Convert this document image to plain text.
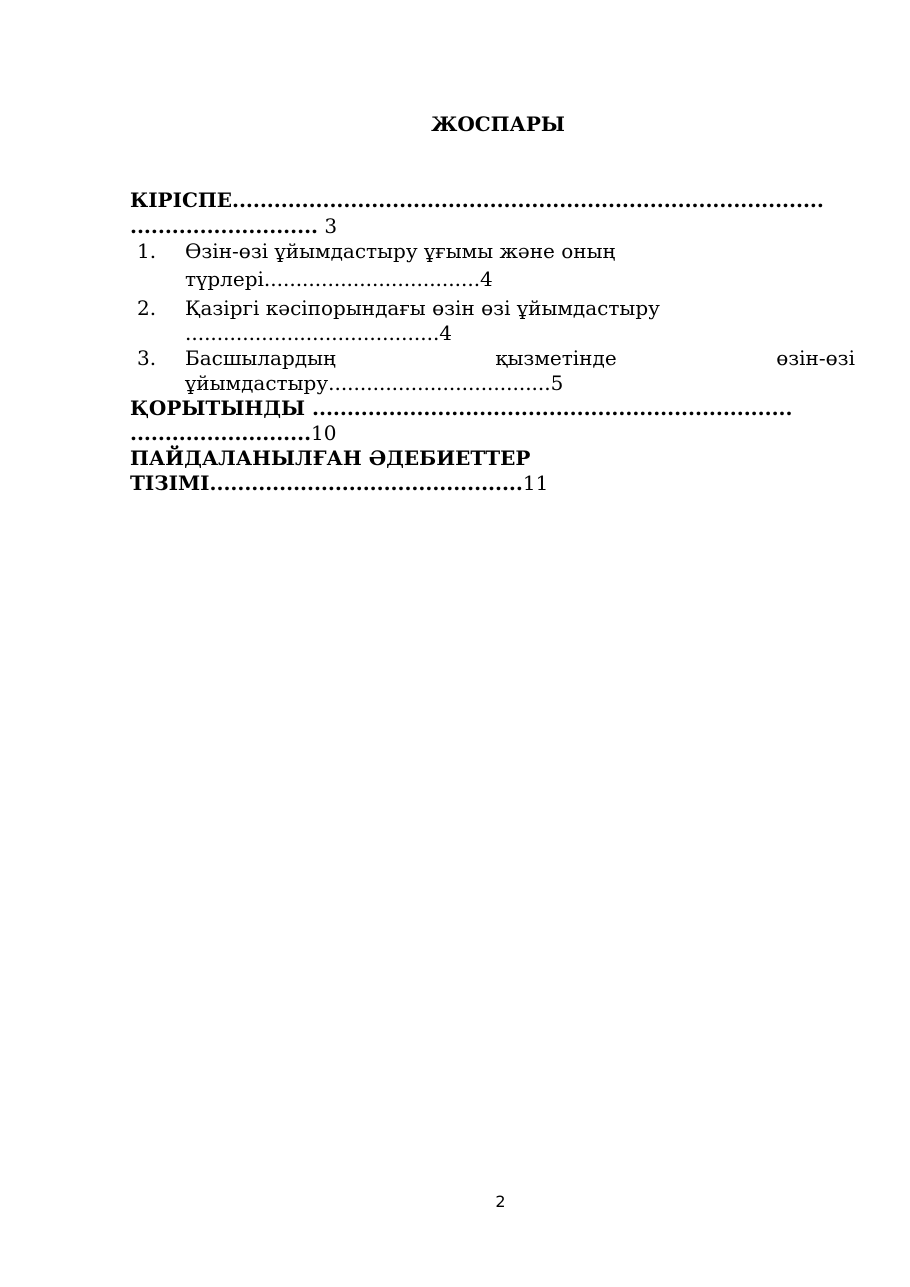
ЖОСПАРЫ
КІРІСПЕ.....................................................................................
........................... 3
1. Өзін-өзі ұйымдастыру ұғымы және оның
түрлері..................................4
2. Қазіргі кәсіпорындағы өзін өзі ұйымдастыру
........................................4
3. Басшылардың	қызметінде	өзін-өзі
ұйымдастыру...................................5
ҚОРЫТЫНДЫ .....................................................................
..........................10
ПАЙДАЛАНЫЛҒАН ӘДЕБИЕТТЕР
ТІЗІМІ.............................................11
2
